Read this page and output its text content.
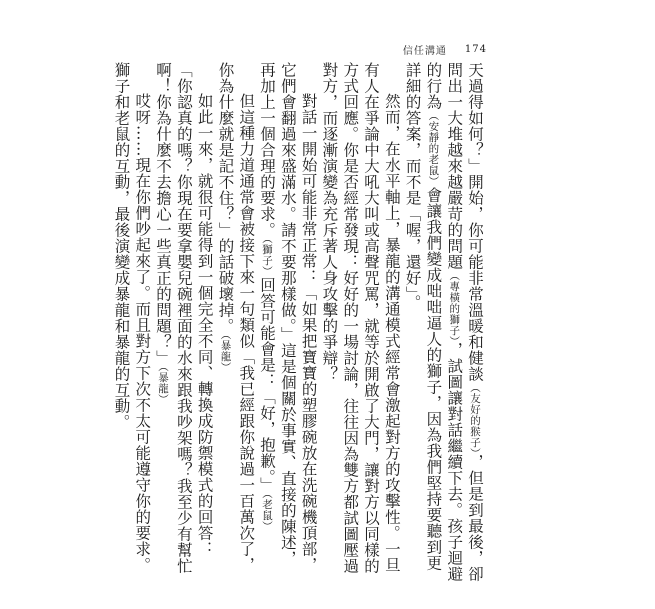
信任溝通 174

天過得如何？」開始，你可能非常溫暖和健談（友好的猴子），但是到最後，卻問出一大堆越來越嚴苛的問題（專橫的獅子），試圖讓對話繼續下去。孩子迴避的行為（安靜的老鼠）會讓我們變成咄咄逼人的獅子，因為我們堅持要聽到更詳細的答案，而不是「喔，還好」。

然而，在水平軸上，暴龍的溝通模式經常會激起對方的攻擊性。一旦有人在爭論中大吼大叫或高聲咒罵，就等於開啟了大門，讓對方以同樣的方式回應。你是否經常發現：好好的一場討論，往往因為雙方都試圖壓過對方，而逐漸演變為充斥著人身攻擊的爭辯？

對話一開始可能非常正常：「如果把寶寶的塑膠碗放在洗碗機頂部，它們會翻過來盛滿水。請不要那樣做。」這是個關於事實、直接的陳述，再加上一個合理的要求。（獅子）回答可能會是：「好，抱歉。」（老鼠）

但這種力道通常會被接下來一句類似「我已經跟你說過一百萬次了，你為什麼就是記不住？」的話破壞掉。（暴龍）

如此一來，就很可能得到一個完全不同、轉換成防禦模式的回答：「你認真的嗎？你現在要拿嬰兒碗裡面的水來跟我吵架嗎？我至少有幫忙啊！你為什麼不去擔心一些真正的問題？」（暴龍）

哎呀……現在你們吵起來了。而且對方下次不太可能遵守你的要求。獅子和老鼠的互動，最後演變成暴龍和暴龍的互動。
